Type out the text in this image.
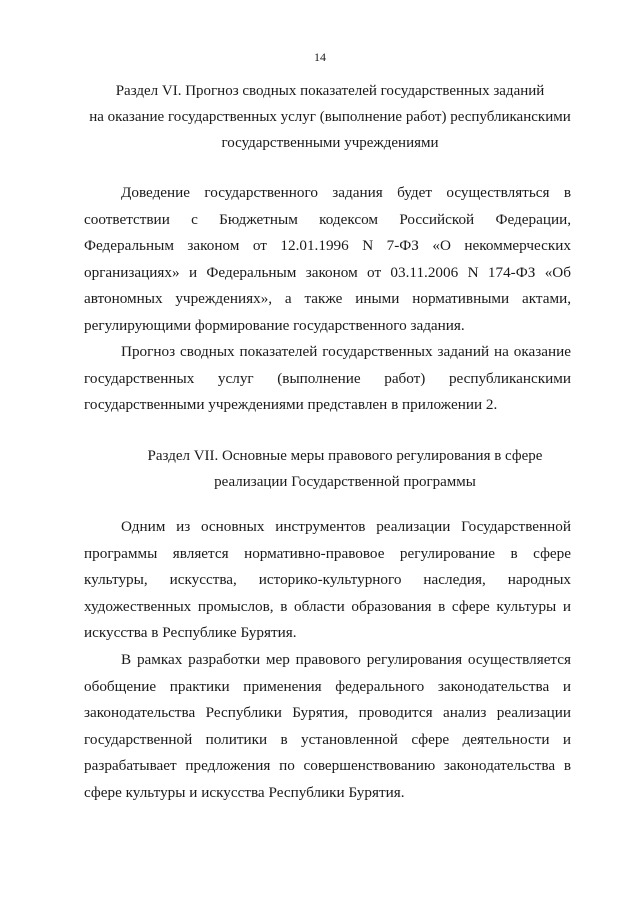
14
Раздел VI. Прогноз сводных показателей государственных заданий
на оказание государственных услуг (выполнение работ) республиканскими
государственными учреждениями

Доведение государственного задания будет осуществляться в
соответствии с Бюджетным кодексом Российской Федерации,
Федеральным законом от 12.01.1996 N 7-ФЗ «О некоммерческих
организациях» и Федеральным законом от 03.11.2006 N 174-ФЗ «Об
автономных учреждениях», а также иными нормативными актами,
регулирующими формирование государственного задания.

Прогноз сводных показателей государственных заданий на оказание
государственных услуг (выполнение работ) республиканскими
государственными учреждениями представлен в приложении 2.

Раздел VII. Основные меры правового регулирования в сфере
реализации Государственной программы

Одним из основных инструментов реализации Государственной
программы является нормативно-правовое регулирование в сфере
культуры, искусства, историко-культурного наследия, народных
художественных промыслов, в области образования в сфере культуры и
искусства в Республике Бурятия.

В рамках разработки мер правового регулирования осуществляется
обобщение практики применения федерального законодательства и
законодательства Республики Бурятия, проводится анализ реализации
государственной политики в установленной сфере деятельности и
разрабатывает предложения по совершенствованию законодательства в
сфере культуры и искусства Республики Бурятия.
